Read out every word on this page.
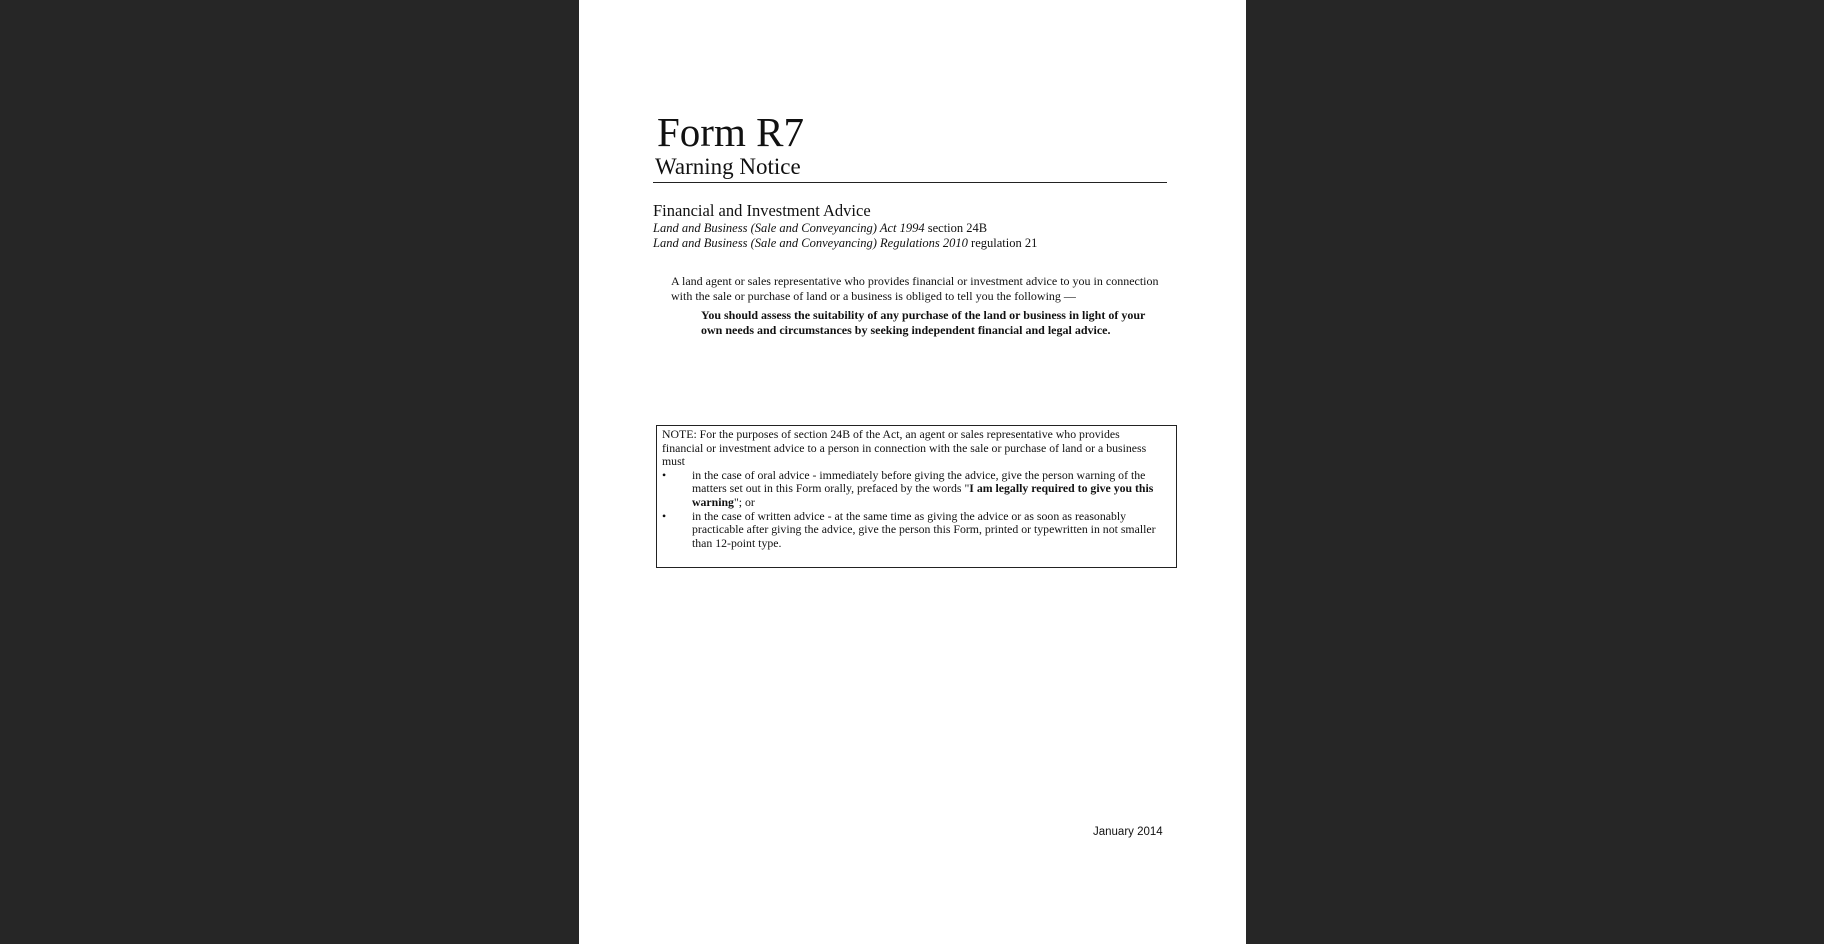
Form R7
Warning Notice
Financial and Investment Advice
Land and Business (Sale and Conveyancing) Act 1994 section 24B
Land and Business (Sale and Conveyancing) Regulations 2010 regulation 21

A land agent or sales representative who provides financial or investment advice to you in connection

with the sale or purchase of land or a business is obliged to tell you the following —

You should assess the suitability of any purchase of the land or business in light of your

own needs and circumstances by seeking independent financial and legal advice.

NOTE: For the purposes of section 24B of the Act, an agent or sales representative who provides

financial or investment advice to a person in connection with the sale or purchase of land or a business

must

•	in the case of oral advice - immediately before giving the advice, give the person warning of the

matters set out in this Form orally, prefaced by the words "I am legally required to give you this

warning"; or

•	in the case of written advice - at the same time as giving the advice or as soon as reasonably

practicable after giving the advice, give the person this Form, printed or typewritten in not smaller

than 12-point type.

January 2014
